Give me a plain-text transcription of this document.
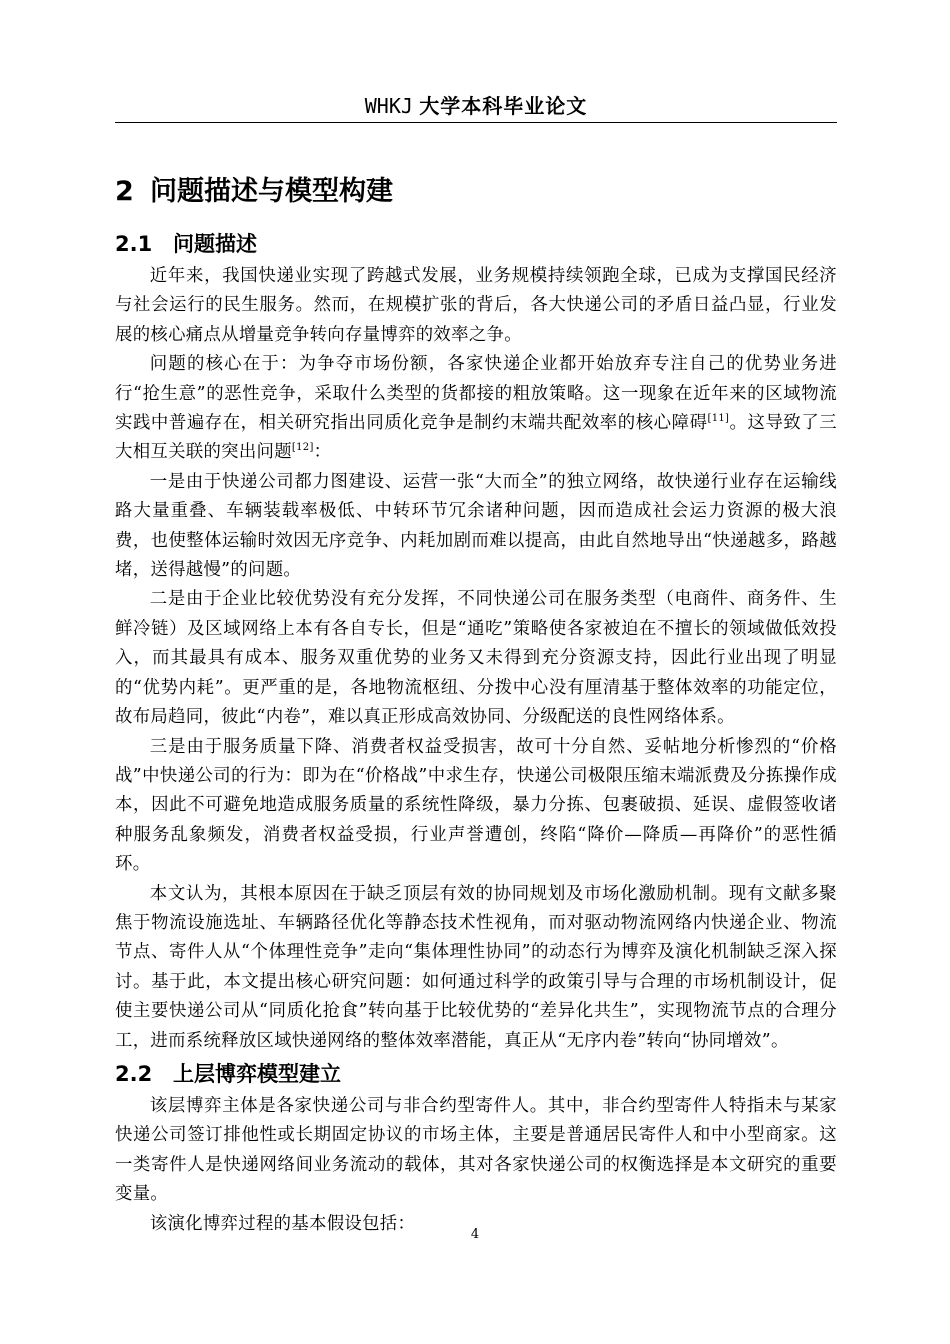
WHKJ 大学本科毕业论文
2 问题描述与模型构建
2.1 问题描述

近年来，我国快递业实现了跨越式发展，业务规模持续领跑全球，已成为支撑国民经济与社会运行的民生服务。然而，在规模扩张的背后，各大快递公司的矛盾日益凸显，行业发展的核心痛点从增量竞争转向存量博弈的效率之争。

问题的核心在于：为争夺市场份额，各家快递企业都开始放弃专注自己的优势业务进行“抢生意”的恶性竞争，采取什么类型的货都接的粗放策略。这一现象在近年来的区域物流实践中普遍存在，相关研究指出同质化竞争是制约末端共配效率的核心障碍[11]。这导致了三大相互关联的突出问题[12]：

一是由于快递公司都力图建设、运营一张“大而全”的独立网络，故快递行业存在运输线路大量重叠、车辆装载率极低、中转环节冗余诸种问题，因而造成社会运力资源的极大浪费，也使整体运输时效因无序竞争、内耗加剧而难以提高，由此自然地导出“快递越多，路越堵，送得越慢”的问题。

二是由于企业比较优势没有充分发挥，不同快递公司在服务类型（电商件、商务件、生鲜冷链）及区域网络上本有各自专长，但是“通吃”策略使各家被迫在不擅长的领域做低效投入，而其最具有成本、服务双重优势的业务又未得到充分资源支持，因此行业出现了明显的“优势内耗”。更严重的是，各地物流枢纽、分拨中心没有厘清基于整体效率的功能定位，故布局趋同，彼此“内卷”，难以真正形成高效协同、分级配送的良性网络体系。

三是由于服务质量下降、消费者权益受损害，故可十分自然、妥帖地分析惨烈的“价格战”中快递公司的行为：即为在“价格战”中求生存，快递公司极限压缩末端派费及分拣操作成本，因此不可避免地造成服务质量的系统性降级，暴力分拣、包裹破损、延误、虚假签收诸种服务乱象频发，消费者权益受损，行业声誉遭创，终陷“降价—降质—再降价”的恶性循环。

本文认为，其根本原因在于缺乏顶层有效的协同规划及市场化激励机制。现有文献多聚焦于物流设施选址、车辆路径优化等静态技术性视角，而对驱动物流网络内快递企业、物流节点、寄件人从“个体理性竞争”走向“集体理性协同”的动态行为博弈及演化机制缺乏深入探讨。基于此，本文提出核心研究问题：如何通过科学的政策引导与合理的市场机制设计，促使主要快递公司从“同质化抢食”转向基于比较优势的“差异化共生”，实现物流节点的合理分工，进而系统释放区域快递网络的整体效率潜能，真正从“无序内卷”转向“协同增效”。

2.2 上层博弈模型建立

该层博弈主体是各家快递公司与非合约型寄件人。其中，非合约型寄件人特指未与某家快递公司签订排他性或长期固定协议的市场主体，主要是普通居民寄件人和中小型商家。这一类寄件人是快递网络间业务流动的载体，其对各家快递公司的权衡选择是本文研究的重要变量。

该演化博弈过程的基本假设包括：

4
